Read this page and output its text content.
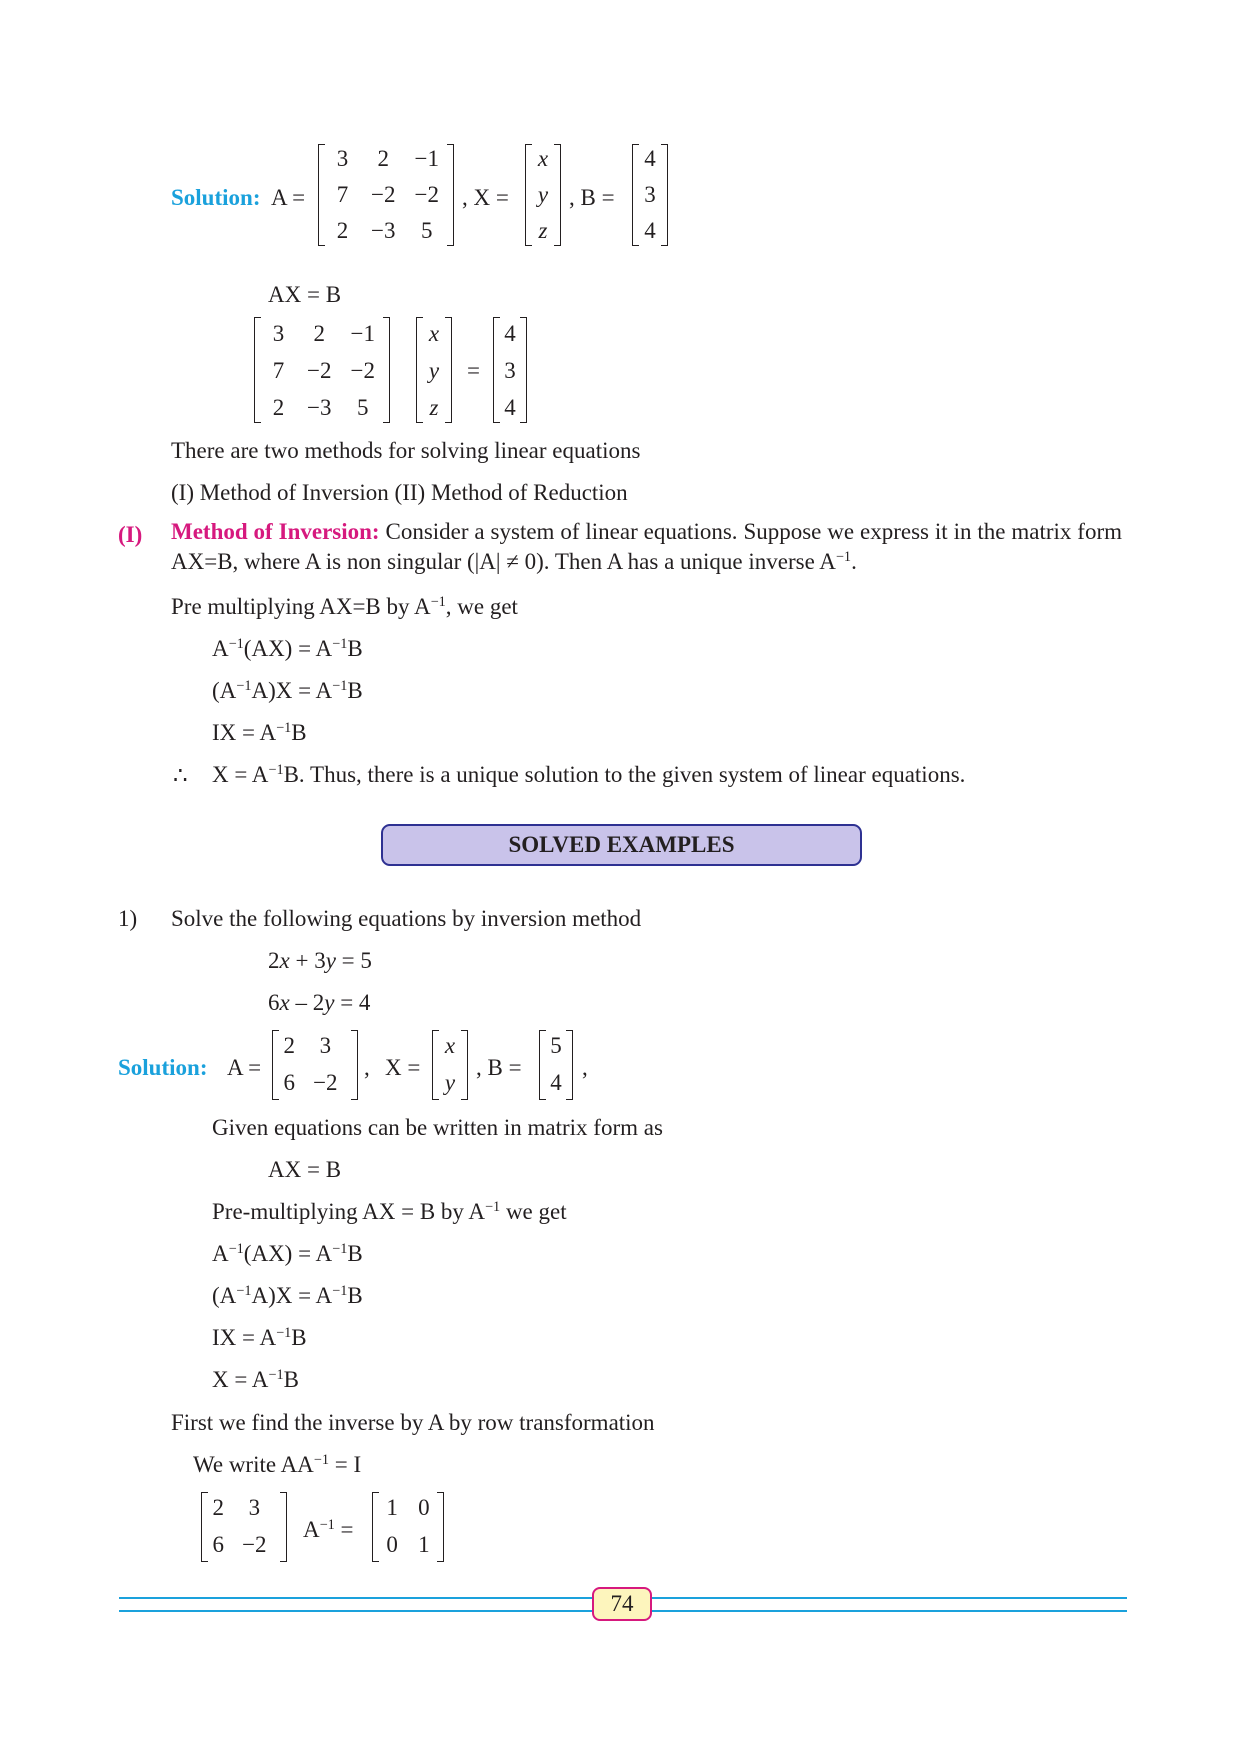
Solution: A =
3 2 −1
7 −2 −2
2 −3 5
, X =
x
y
z
, B =
4
3
4
AX = B
3 2 −1
7 −2 −2
2 −3 5
x
y
z
=
4
3
4
There are two methods for solving linear equations
(I) Method of Inversion (II) Method of Reduction
(I) Method of Inversion: Consider a system of linear equations. Suppose we express it in the matrix form AX=B, where A is non singular (|A| ≠ 0). Then A has a unique inverse $A^{-1}$.
Pre multiplying AX=B by $A^{-1}$, we get
$A^{-1}(AX) = A^{-1}B$
$(A^{-1}A)X = A^{-1}B$
IX = $A^{-1}B$
∴ $X = A^{-1}B$. Thus, there is a unique solution to the given system of linear equations.
SOLVED EXAMPLES
1) Solve the following equations by inversion method
2x + 3y = 5
6x – 2y = 4
Solution: A =
2 3
6 −2
, X =
x
y
, B =
5
4
,
Given equations can be written in matrix form as
AX = B
Pre-multiplying AX = B by $A^{-1}$ we get
$A^{-1}(AX) = A^{-1}B$
$(A^{-1}A)X = A^{-1}B$
IX = $A^{-1}B$
$X = A^{-1}B$
First we find the inverse by A by row transformation
We write $AA^{-1} = I$
2 3
6 −2
$A^{-1}$ =
1 0
0 1
74
